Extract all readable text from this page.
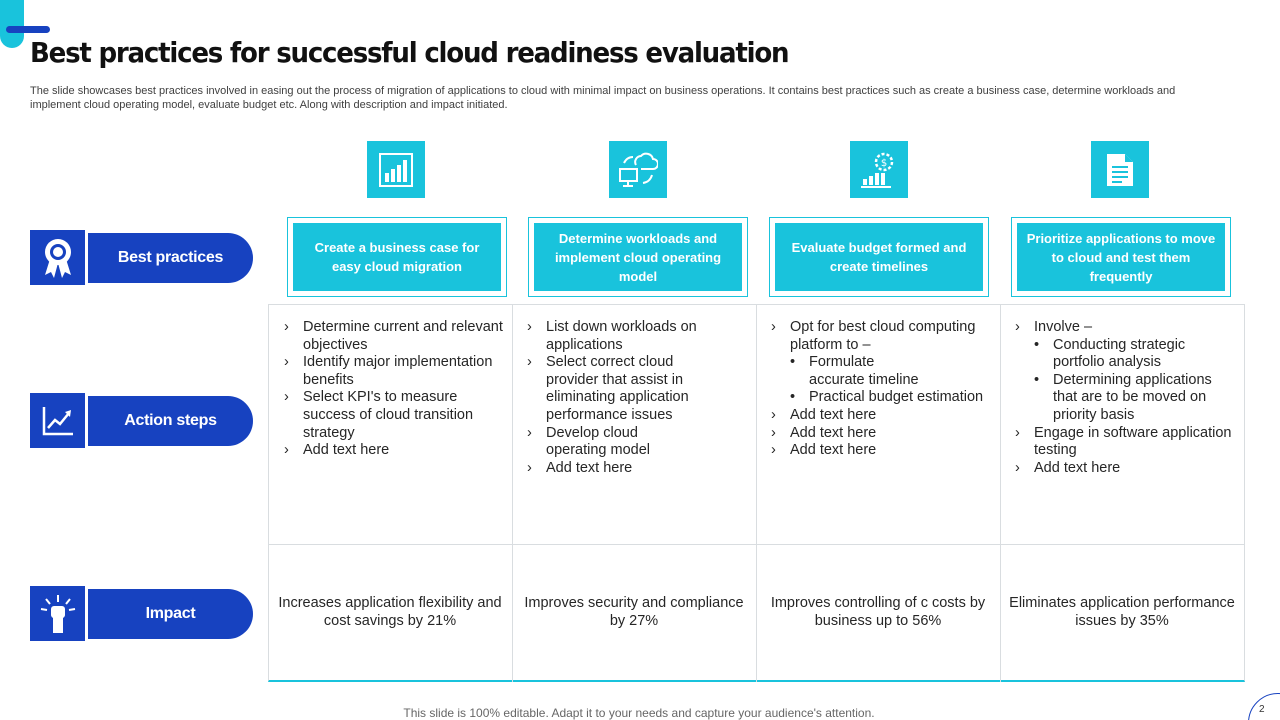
Best practices for successful cloud readiness evaluation

The slide showcases best practices involved in easing out the process of migration of applications to cloud with minimal impact on business operations. It contains best practices such as create a business case, determine workloads and implement cloud operating model, evaluate budget etc. Along with description and impact initiated.

Best practices
Action steps
Impact
$
Create a business case for easy cloud migration
Determine workloads and implement cloud operating model
Evaluate budget formed and create timelines
Prioritize applications to move to cloud and test them frequently
› Determine current and relevant objectives
› Identify major implementation benefits
› Select KPI's to measure success of cloud transition strategy
› Add text here
› List down workloads on applications
› Select correct cloud provider that assist in eliminating application performance issues
› Develop cloud operating model
› Add text here
› Opt for best cloud computing platform to –
• Formulate accurate timeline
• Practical budget estimation
› Add text here
› Add text here
› Add text here
› Involve –
• Conducting strategic portfolio analysis
• Determining applications that are to be moved on priority basis
› Engage in software application testing
› Add text here
Increases application flexibility and cost savings by 21%
Improves security and compliance by 27%
Improves controlling of c costs by business up to 56%
Eliminates application performance issues by 35%
This slide is 100% editable. Adapt it to your needs and capture your audience's attention.	2
